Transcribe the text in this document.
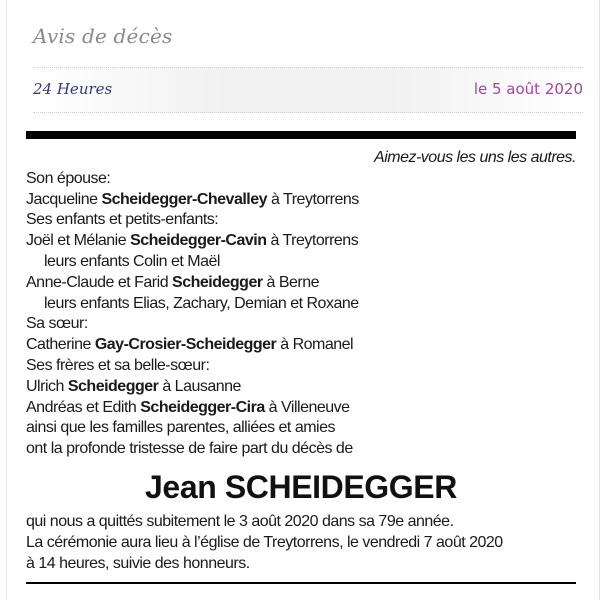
Avis de décès
24 Heures	le 5 août 2020
Aimez-vous les uns les autres.
Son épouse:
Jacqueline Scheidegger-Chevalley à Treytorrens
Ses enfants et petits-enfants:
Joël et Mélanie Scheidegger-Cavin à Treytorrens
leurs enfants Colin et Maël
Anne-Claude et Farid Scheidegger à Berne
leurs enfants Elias, Zachary, Demian et Roxane
Sa sœur:
Catherine Gay-Crosier-Scheidegger à Romanel
Ses frères et sa belle-sœur:
Ulrich Scheidegger à Lausanne
Andréas et Edith Scheidegger-Cira à Villeneuve
ainsi que les familles parentes, alliées et amies
ont la profonde tristesse de faire part du décès de
Jean SCHEIDEGGER
qui nous a quittés subitement le 3 août 2020 dans sa 79e année.
La cérémonie aura lieu à l’église de Treytorrens, le vendredi 7 août 2020
à 14 heures, suivie des honneurs.
